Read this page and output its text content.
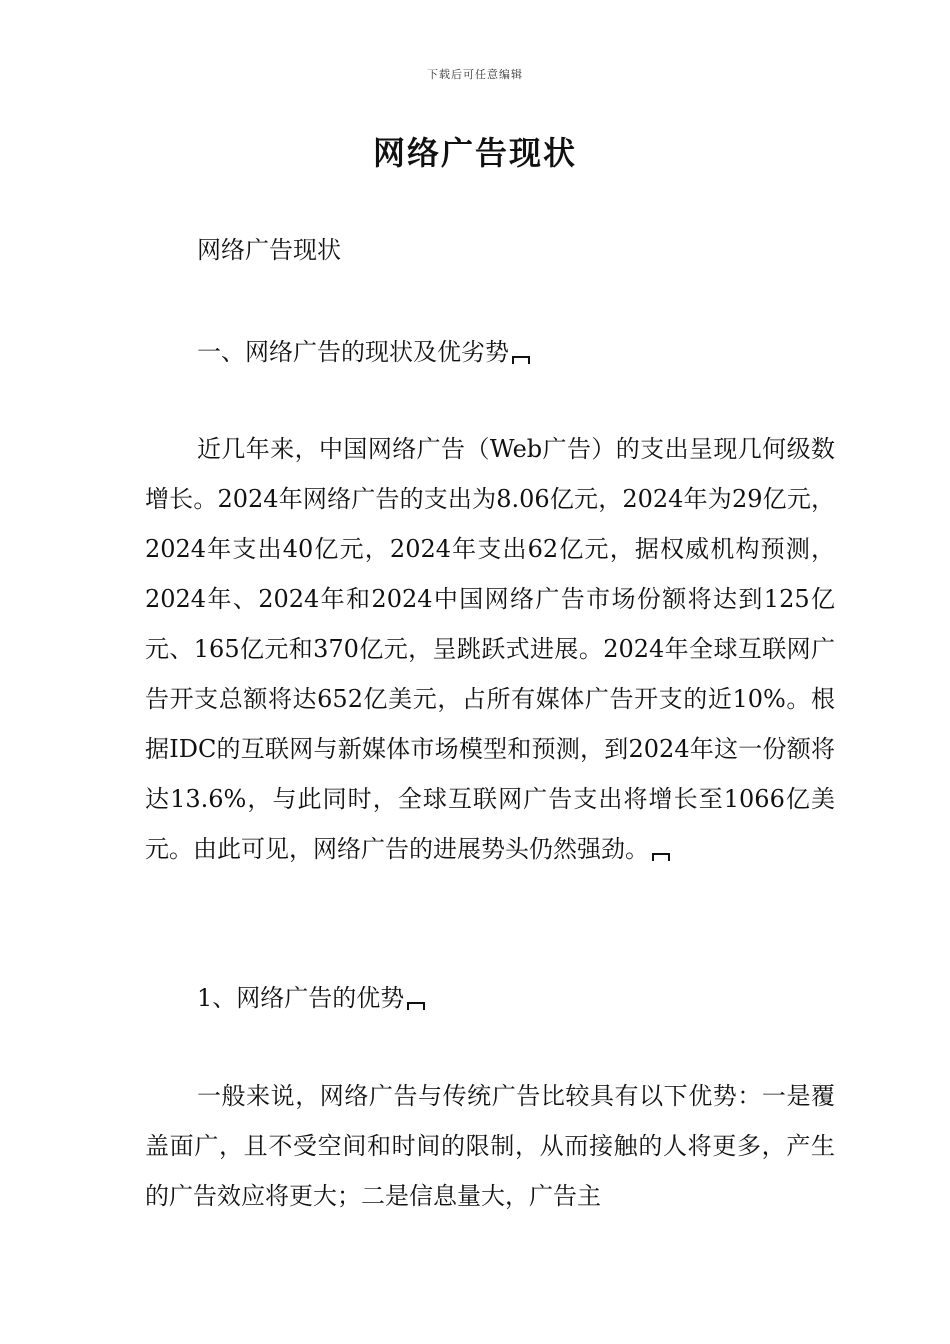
下载后可任意编辑
网络广告现状

网络广告现状

一、网络广告的现状及优劣势

近几年来，中国网络广告（Web广告）的支出呈现几何级数增长。2024年网络广告的支出为8.06亿元，2024年为29亿元，2024年支出40亿元，2024年支出62亿元，据权威机构预测，2024年、2024年和2024中国网络广告市场份额将达到125亿元、165亿元和370亿元，呈跳跃式进展。2024年全球互联网广告开支总额将达652亿美元，占所有媒体广告开支的近10%。根据IDC的互联网与新媒体市场模型和预测，到2024年这一份额将达13.6%，与此同时，全球互联网广告支出将增长至1066亿美元。由此可见，网络广告的进展势头仍然强劲。

1、网络广告的优势

一般来说，网络广告与传统广告比较具有以下优势：一是覆盖面广，且不受空间和时间的限制，从而接触的人将更多，产生的广告效应将更大；二是信息量大，广告主
